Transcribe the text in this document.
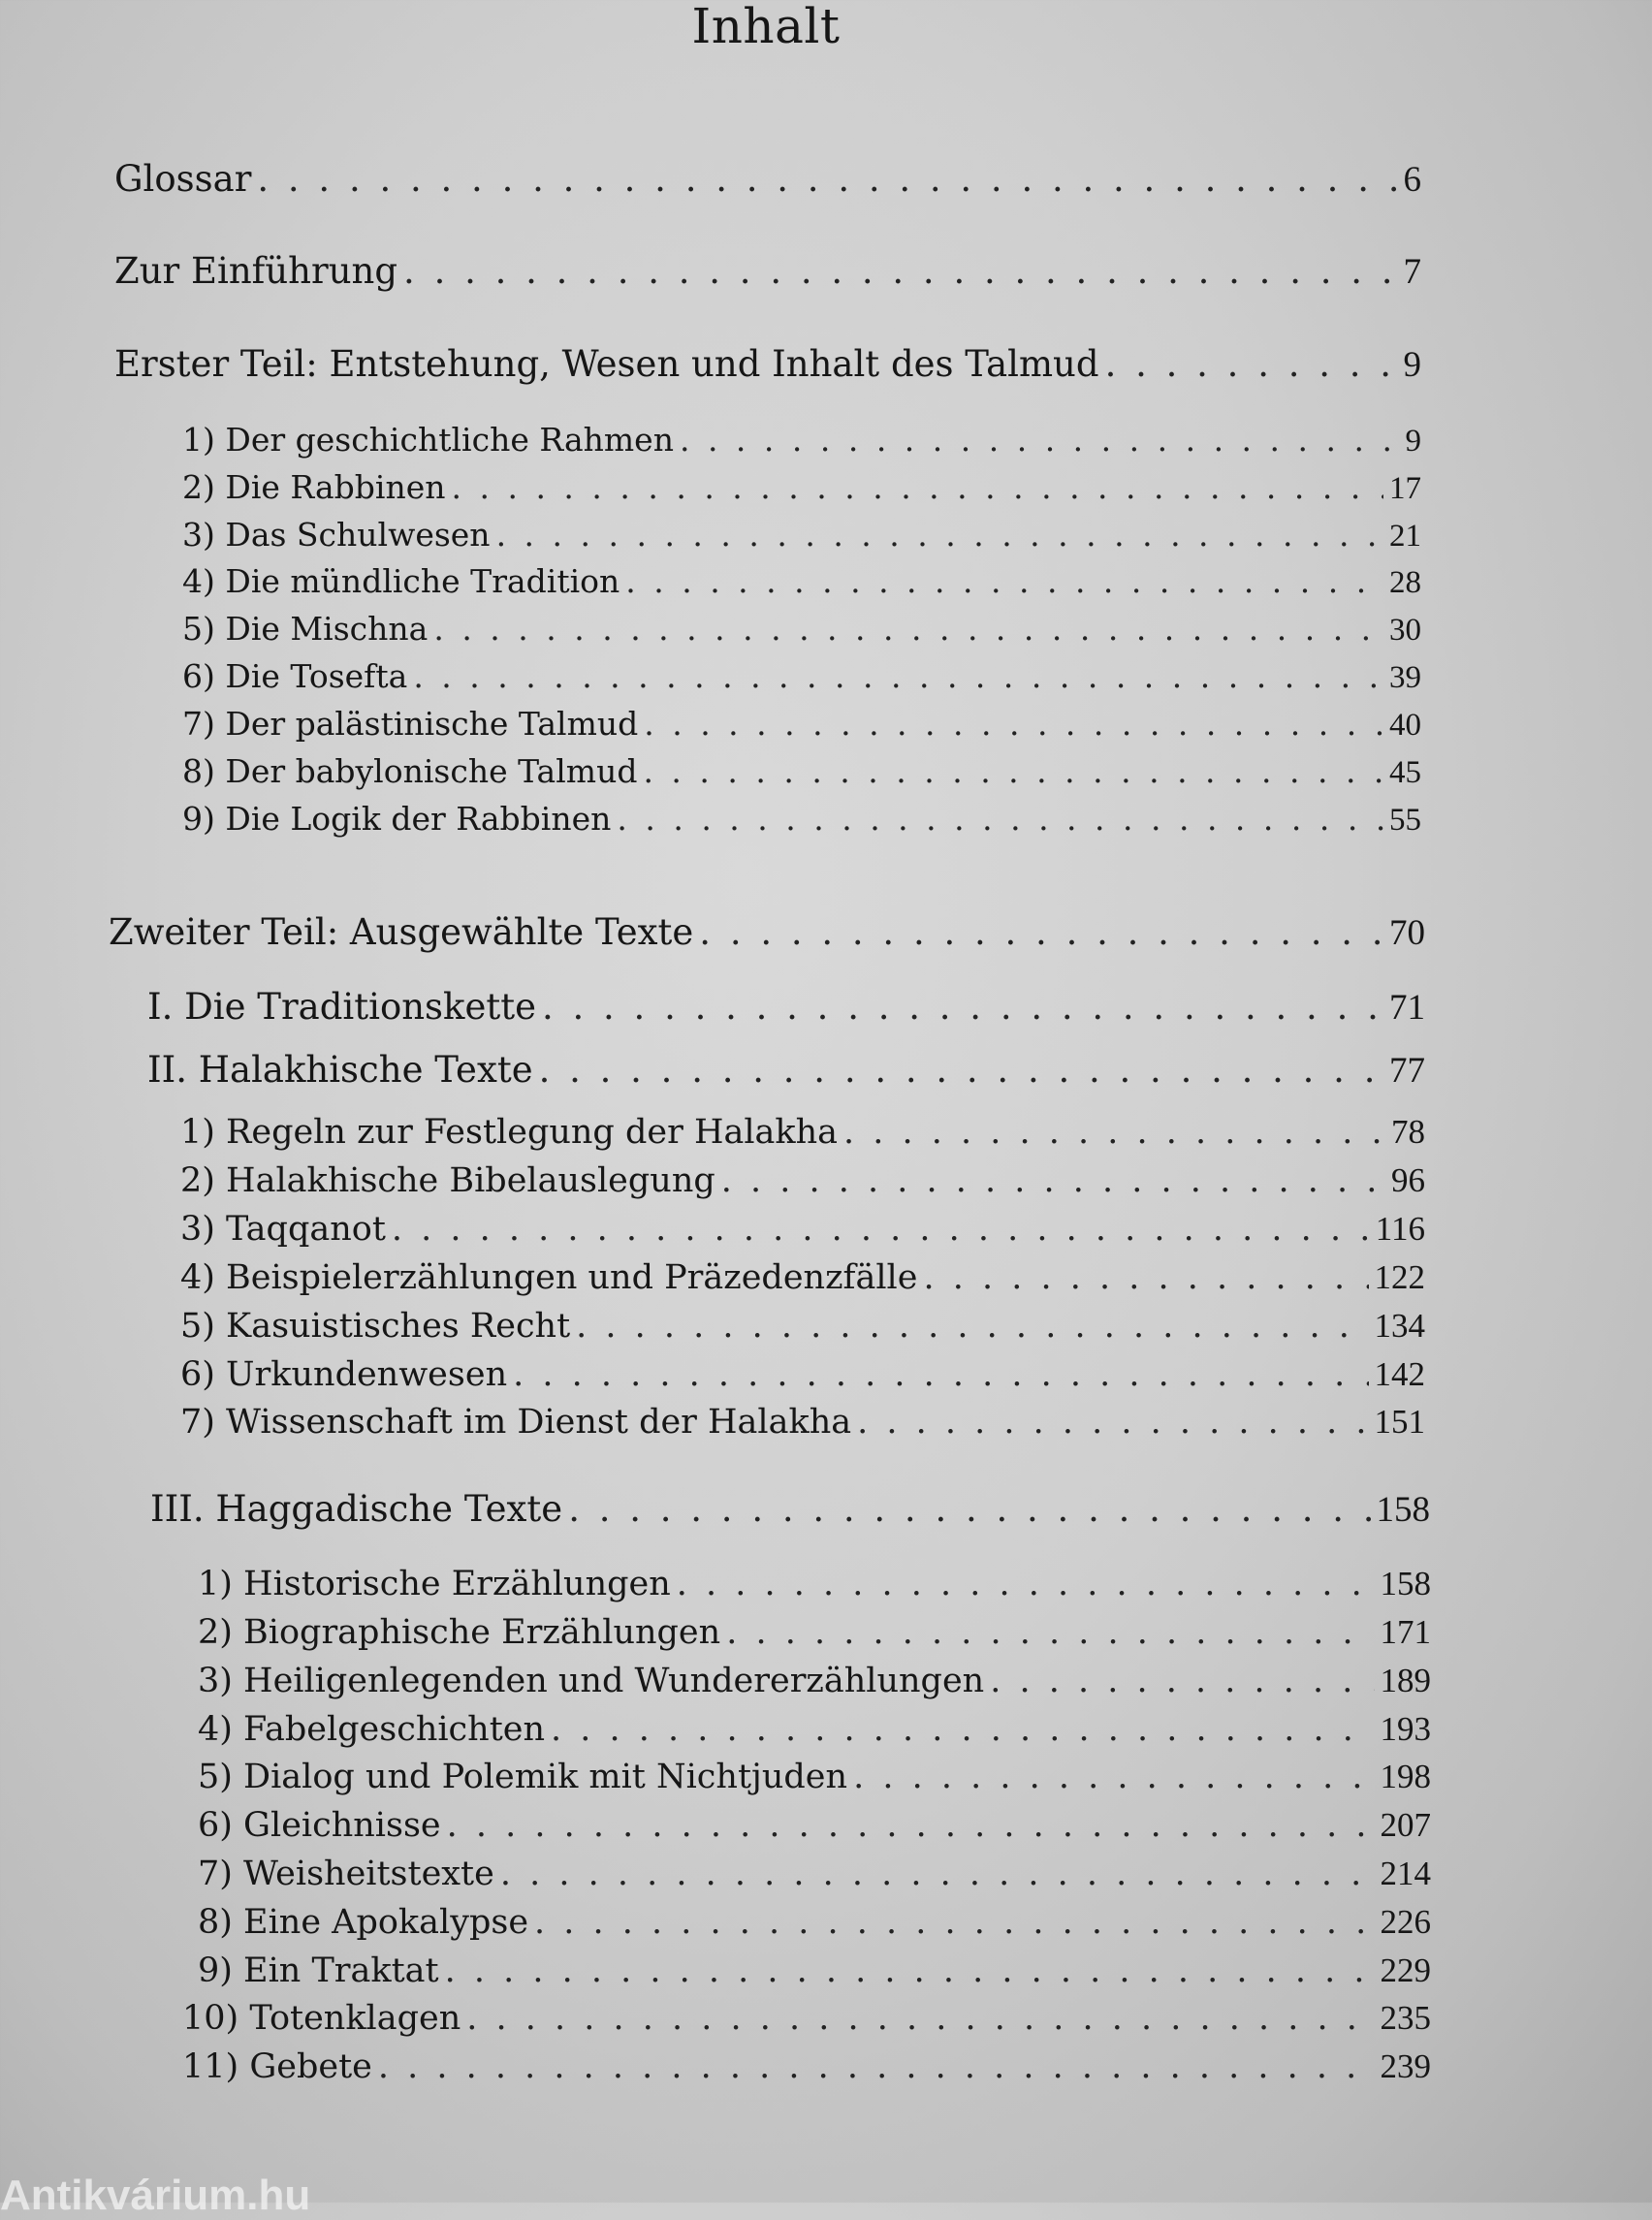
Inhalt
Glossar . . .	6
Zur Einführung . . .	7
Erster Teil: Entstehung, Wesen und Inhalt des Talmud . . .	9
1) Der geschichtliche Rahmen . . .	9
2) Die Rabbinen . . .	17
3) Das Schulwesen . . .	21
4) Die mündliche Tradition . . .	28
5) Die Mischna . . .	30
6) Die Tosefta . . .	39
7) Der palästinische Talmud . . .	40
8) Der babylonische Talmud . . .	45
9) Die Logik der Rabbinen . . .	55
Zweiter Teil: Ausgewählte Texte . . .	70
I. Die Traditionskette . . .	71
II. Halakhische Texte . . .	77
1) Regeln zur Festlegung der Halakha . . .	78
2) Halakhische Bibelauslegung . . .	96
3) Taqqanot . . .	116
4) Beispielerzählungen und Präzedenzfälle . . .	122
5) Kasuistisches Recht . . .	134
6) Urkundenwesen . . .	142
7) Wissenschaft im Dienst der Halakha . . .	151
III. Haggadische Texte . . .	158
1) Historische Erzählungen . . .	158
2) Biographische Erzählungen . . .	171
3) Heiligenlegenden und Wundererzählungen . . .	189
4) Fabelgeschichten . . .	193
5) Dialog und Polemik mit Nichtjuden . . .	198
6) Gleichnisse . . .	207
7) Weisheitstexte . . .	214
8) Eine Apokalypse . . .	226
9) Ein Traktat . . .	229
10) Totenklagen . . .	235
11) Gebete . . .	239
Antikvárium.hu
